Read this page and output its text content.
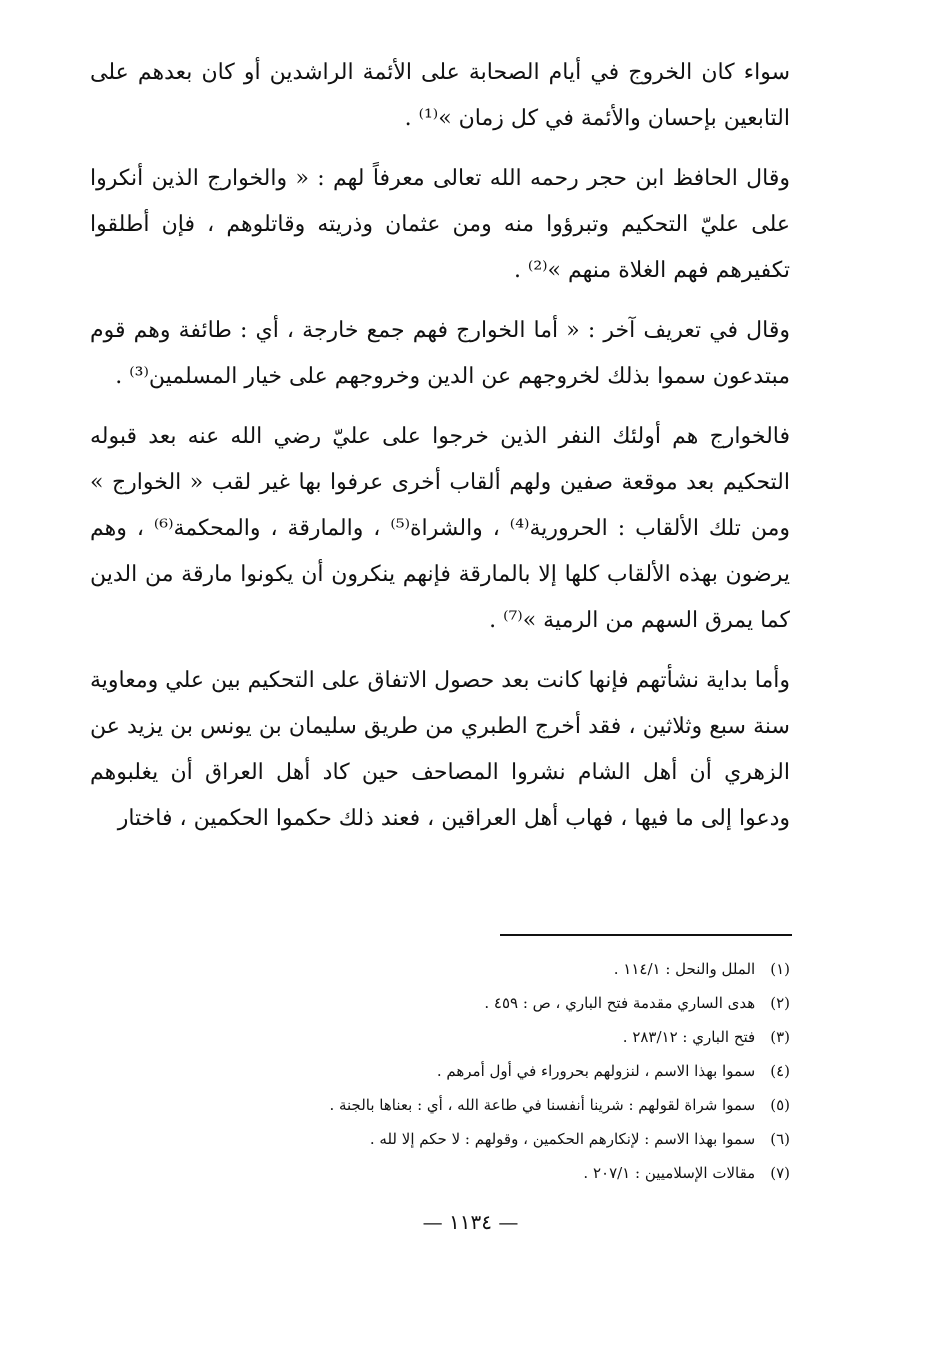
سواء كان الخروج في أيام الصحابة على الأئمة الراشدين أو كان بعدهم على التابعين بإحسان والأئمة في كل زمان »⁽¹⁾ .

وقال الحافظ ابن حجر رحمه الله تعالى معرفاً لهم : « والخوارج الذين أنكروا على عليّ التحكيم وتبرؤوا منه ومن عثمان وذريته وقاتلوهم ، فإن أطلقوا تكفيرهم فهم الغلاة منهم »⁽²⁾ .

وقال في تعريف آخر : « أما الخوارج فهم جمع خارجة ، أي : طائفة وهم قوم مبتدعون سموا بذلك لخروجهم عن الدين وخروجهم على خيار المسلمين⁽³⁾ .

فالخوارج هم أولئك النفر الذين خرجوا على عليّ رضي الله عنه بعد قبوله التحكيم بعد موقعة صفين ولهم ألقاب أخرى عرفوا بها غير لقب « الخوارج » ومن تلك الألقاب : الحرورية⁽⁴⁾ ، والشراة⁽⁵⁾ ، والمارقة ، والمحكمة⁽⁶⁾ ، وهم يرضون بهذه الألقاب كلها إلا بالمارقة فإنهم ينكرون أن يكونوا مارقة من الدين كما يمرق السهم من الرمية »⁽⁷⁾ .

وأما بداية نشأتهم فإنها كانت بعد حصول الاتفاق على التحكيم بين علي ومعاوية سنة سبع وثلاثين ، فقد أخرج الطبري من طريق سليمان بن يونس بن يزيد عن الزهري أن أهل الشام نشروا المصاحف حين كاد أهل العراق أن يغلبوهم ودعوا إلى ما فيها ، فهاب أهل العراقين ، فعند ذلك حكموا الحكمين ، فاختار

(١) الملل والنحل : ١١٤/١ .
(٢) هدى الساري مقدمة فتح الباري ، ص : ٤٥٩ .
(٣) فتح الباري : ٢٨٣/١٢ .
(٤) سموا بهذا الاسم ، لنزولهم بحروراء في أول أمرهم .
(٥) سموا شراة لقولهم : شرينا أنفسنا في طاعة الله ، أي : بعناها بالجنة .
(٦) سموا بهذا الاسم : لإنكارهم الحكمين ، وقولهم : لا حكم إلا لله .
(٧) مقالات الإسلاميين : ٢٠٧/١ .
— ١١٣٤ —
